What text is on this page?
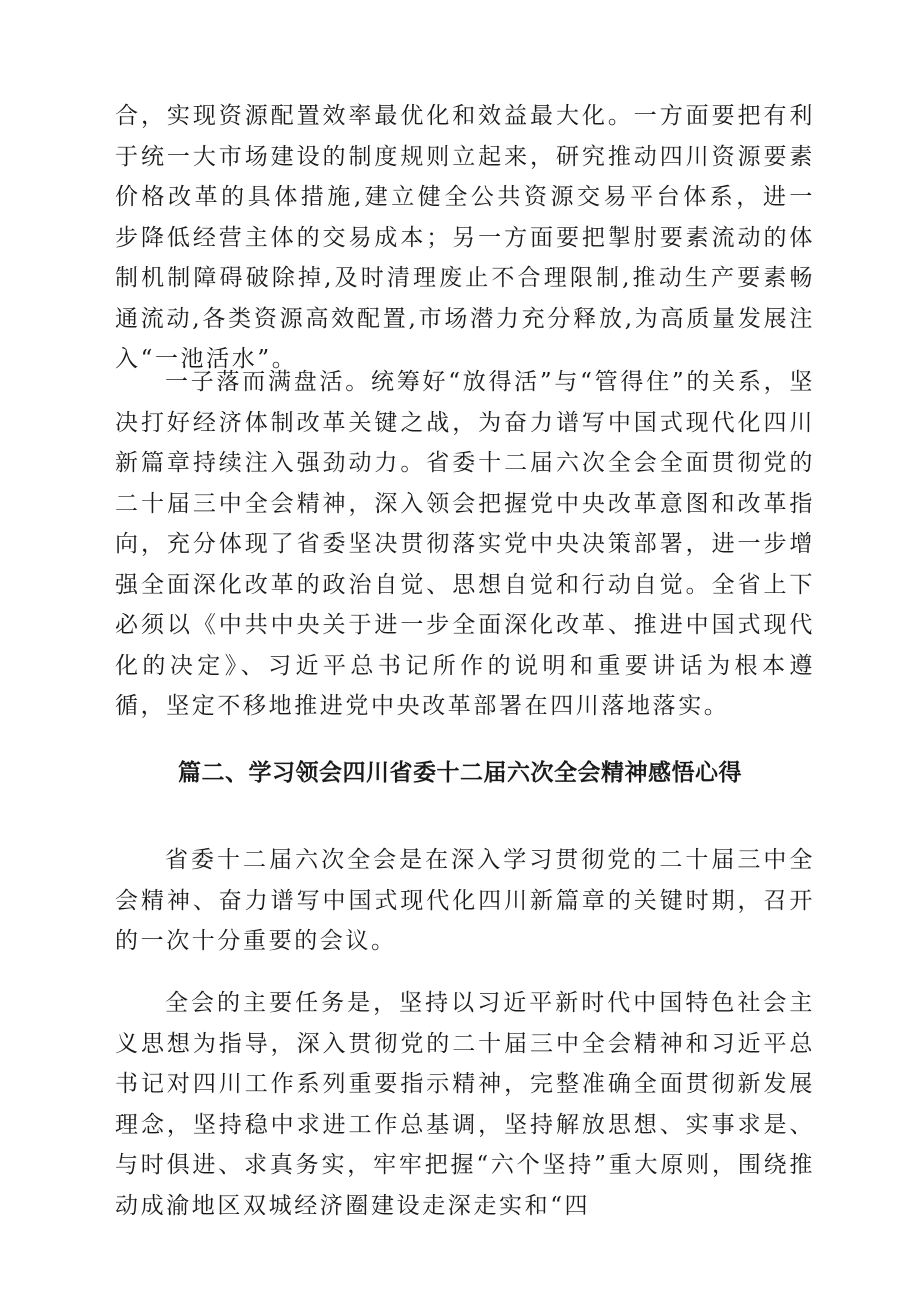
合，实现资源配置效率最优化和效益最大化。一方面要把有利于统一大市场建设的制度规则立起来，研究推动四川资源要素价格改革的具体措施,建立健全公共资源交易平台体系，进一步降低经营主体的交易成本；另一方面要把掣肘要素流动的体制机制障碍破除掉,及时清理废止不合理限制,推动生产要素畅通流动,各类资源高效配置,市场潜力充分释放,为高质量发展注入“一池活水”。

一子落而满盘活。统筹好“放得活”与“管得住”的关系，坚决打好经济体制改革关键之战，为奋力谱写中国式现代化四川新篇章持续注入强劲动力。省委十二届六次全会全面贯彻党的二十届三中全会精神，深入领会把握党中央改革意图和改革指向，充分体现了省委坚决贯彻落实党中央决策部署，进一步增强全面深化改革的政治自觉、思想自觉和行动自觉。全省上下必须以《中共中央关于进一步全面深化改革、推进中国式现代化的决定》、习近平总书记所作的说明和重要讲话为根本遵循，坚定不移地推进党中央改革部署在四川落地落实。

篇二、学习领会四川省委十二届六次全会精神感悟心得

省委十二届六次全会是在深入学习贯彻党的二十届三中全会精神、奋力谱写中国式现代化四川新篇章的关键时期，召开的一次十分重要的会议。

全会的主要任务是，坚持以习近平新时代中国特色社会主义思想为指导，深入贯彻党的二十届三中全会精神和习近平总书记对四川工作系列重要指示精神，完整准确全面贯彻新发展理念，坚持稳中求进工作总基调，坚持解放思想、实事求是、与时俱进、求真务实，牢牢把握“六个坚持”重大原则，围绕推动成渝地区双城经济圈建设走深走实和“四
